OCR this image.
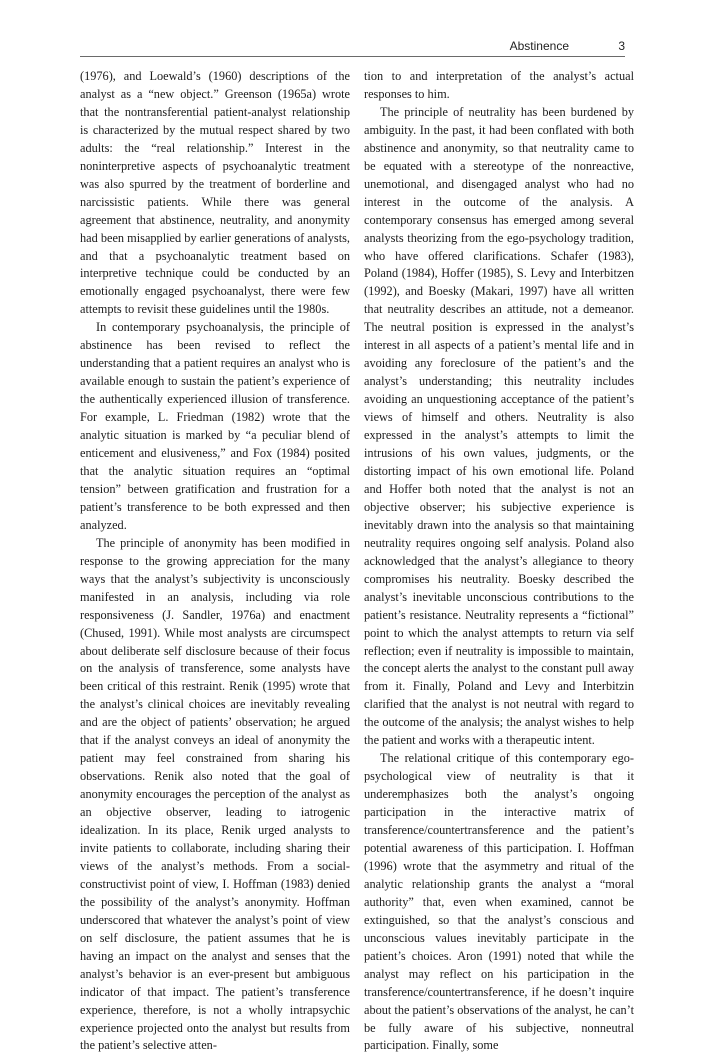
Abstinence	3

(1976), and Loewald’s (1960) descriptions of the analyst as a “new object.” Greenson (1965a) wrote that the nontransferential patient-analyst relationship is characterized by the mutual respect shared by two adults: the “real relationship.” Interest in the noninterpretive aspects of psychoanalytic treatment was also spurred by the treatment of borderline and narcissistic patients. While there was general agreement that abstinence, neutrality, and anonymity had been misapplied by earlier generations of analysts, and that a psychoanalytic treatment based on interpretive technique could be conducted by an emotionally engaged psychoanalyst, there were few attempts to revisit these guidelines until the 1980s.

In contemporary psychoanalysis, the principle of abstinence has been revised to reflect the understanding that a patient requires an analyst who is available enough to sustain the patient’s experience of the authentically experienced illusion of transference. For example, L. Friedman (1982) wrote that the analytic situation is marked by “a peculiar blend of enticement and elusiveness,” and Fox (1984) posited that the analytic situation requires an “optimal tension” between gratification and frustration for a patient’s transference to be both expressed and then analyzed.

The principle of anonymity has been modified in response to the growing appreciation for the many ways that the analyst’s subjectivity is unconsciously manifested in an analysis, including via role responsiveness (J. Sandler, 1976a) and enactment (Chused, 1991). While most analysts are circumspect about deliberate self disclosure because of their focus on the analysis of transference, some analysts have been critical of this restraint. Renik (1995) wrote that the analyst’s clinical choices are inevitably revealing and are the object of patients’ observation; he argued that if the analyst conveys an ideal of anonymity the patient may feel constrained from sharing his observations. Renik also noted that the goal of anonymity encourages the perception of the analyst as an objective observer, leading to iatrogenic idealization. In its place, Renik urged analysts to invite patients to collaborate, including sharing their views of the analyst’s methods. From a social-constructivist point of view, I. Hoffman (1983) denied the possibility of the analyst’s anonymity. Hoffman underscored that whatever the analyst’s point of view on self disclosure, the patient assumes that he is having an impact on the analyst and senses that the analyst’s behavior is an ever-present but ambiguous indicator of that impact. The patient’s transference experience, therefore, is not a wholly intrapsychic experience projected onto the analyst but results from the patient’s selective atten-

tion to and interpretation of the analyst’s actual responses to him.

The principle of neutrality has been burdened by ambiguity. In the past, it had been conflated with both abstinence and anonymity, so that neutrality came to be equated with a stereotype of the nonreactive, unemotional, and disengaged analyst who had no interest in the outcome of the analysis. A contemporary consensus has emerged among several analysts theorizing from the ego-psychology tradition, who have offered clarifications. Schafer (1983), Poland (1984), Hoffer (1985), S. Levy and Interbitzen (1992), and Boesky (Makari, 1997) have all written that neutrality describes an attitude, not a demeanor. The neutral position is expressed in the analyst’s interest in all aspects of a patient’s mental life and in avoiding any foreclosure of the patient’s and the analyst’s understanding; this neutrality includes avoiding an unquestioning acceptance of the patient’s views of himself and others. Neutrality is also expressed in the analyst’s attempts to limit the intrusions of his own values, judgments, or the distorting impact of his own emotional life. Poland and Hoffer both noted that the analyst is not an objective observer; his subjective experience is inevitably drawn into the analysis so that maintaining neutrality requires ongoing self analysis. Poland also acknowledged that the analyst’s allegiance to theory compromises his neutrality. Boesky described the analyst’s inevitable unconscious contributions to the patient’s resistance. Neutrality represents a “fictional” point to which the analyst attempts to return via self reflection; even if neutrality is impossible to maintain, the concept alerts the analyst to the constant pull away from it. Finally, Poland and Levy and Interbitzin clarified that the analyst is not neutral with regard to the outcome of the analysis; the analyst wishes to help the patient and works with a therapeutic intent.

The relational critique of this contemporary ego-psychological view of neutrality is that it underemphasizes both the analyst’s ongoing participation in the interactive matrix of transference/countertransference and the patient’s potential awareness of this participation. I. Hoffman (1996) wrote that the asymmetry and ritual of the analytic relationship grants the analyst a “moral authority” that, even when examined, cannot be extinguished, so that the analyst’s conscious and unconscious values inevitably participate in the patient’s choices. Aron (1991) noted that while the analyst may reflect on his participation in the transference/countertransference, if he doesn’t inquire about the patient’s observations of the analyst, he can’t be fully aware of his subjective, nonneutral participation. Finally, some
